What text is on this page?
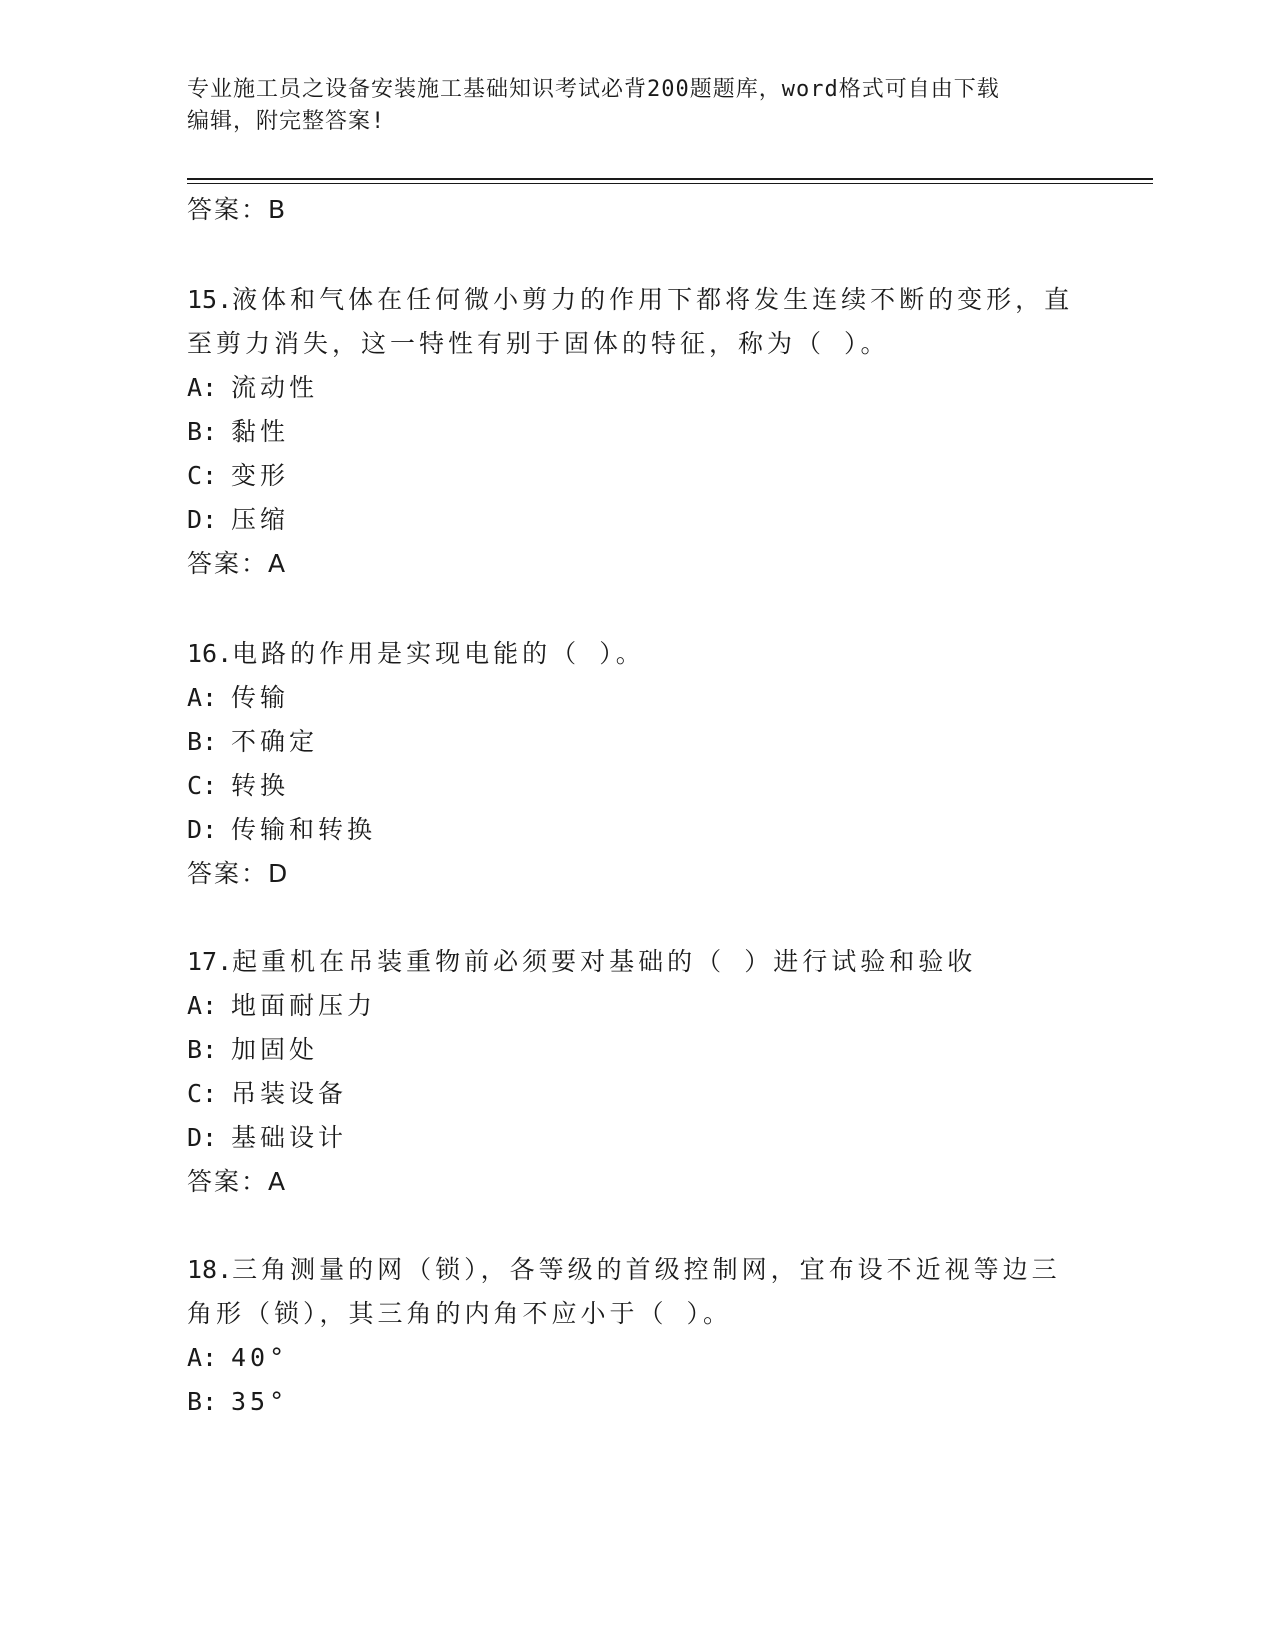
专业施工员之设备安装施工基础知识考试必背200题题库，word格式可自由下载
编辑，附完整答案!
答案：B
15.液体和气体在任何微小剪力的作用下都将发生连续不断的变形，直
至剪力消失，这一特性有别于固体的特征，称为（ ）。
A: 流动性
B: 黏性
C: 变形
D: 压缩
答案：A
16.电路的作用是实现电能的（ ）。
A: 传输
B: 不确定
C: 转换
D: 传输和转换
答案：D
17.起重机在吊装重物前必须要对基础的（ ）进行试验和验收
A: 地面耐压力
B: 加固处
C: 吊装设备
D: 基础设计
答案：A
18.三角测量的网（锁），各等级的首级控制网，宜布设不近视等边三
角形（锁），其三角的内角不应小于（ ）。
A: 40°
B: 35°
